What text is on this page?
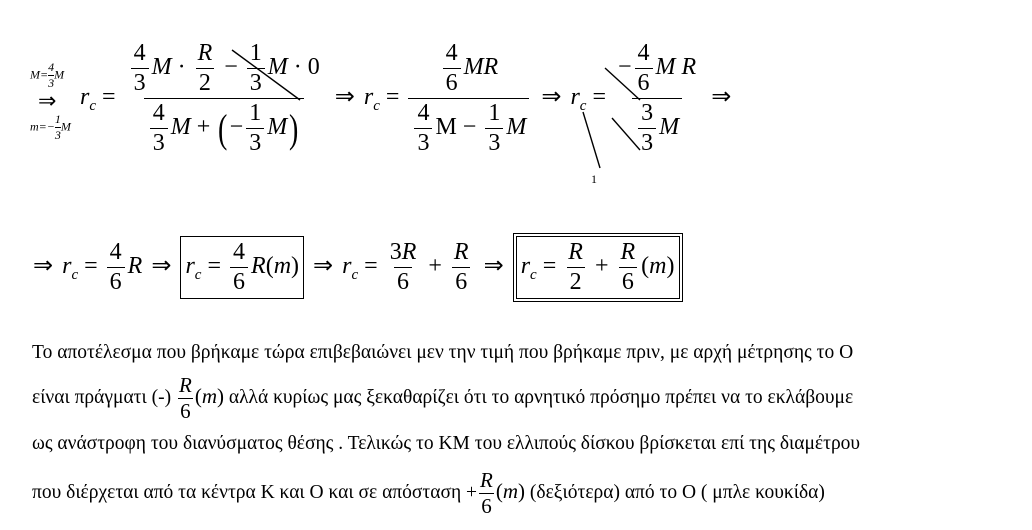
$M= \frac{4}{3}$ M
⇒
$m=- \frac{1}{3}$ M
$r_c = \frac{\frac{4}{3} M \cdot \frac{R}{2} - \frac{1}{3} M \cdot 0}{\frac{4}{3} M + (- \frac{1}{3} M)}$ ⇒ $r_c = \frac{\frac{4}{6} MR}{\frac{4}{3} M - \frac{1}{3} M}$ ⇒ $r_c = \frac{- \frac{4}{6} M R}{\frac{3}{3} M}$ ⇒
1
⇒ $r_c = \frac{4}{6}$ R ⇒ $r_c = \frac{4}{6} R(m)$ ⇒ $r_c = \frac{3R}{6} + \frac{R}{6}$ ⇒ $r_c = \frac{R}{2} + \frac{R}{6} (m)$
Το αποτέλεσμα που βρήκαμε τώρα επιβεβαιώνει μεν την τιμή που βρήκαμε πριν, με αρχή μέτρησης το Ο
είναι πράγματι (-) $\frac{R}{6} (m)$ αλλά κυρίως μας ξεκαθαρίζει ότι το αρνητικό πρόσημο πρέπει να το εκλάβουμε
ως ανάστροφη του διανύσματος θέσης . Τελικώς το ΚΜ του ελλιπούς δίσκου βρίσκεται επί της διαμέτρου
που διέρχεται από τα κέντρα Κ και Ο και σε $\alpha\pi ό\sigma\tau\alpha\sigma\eta + \frac{R}{6} (m)$ (δεξιότερα) από το Ο ( μπλε κουκίδα)
